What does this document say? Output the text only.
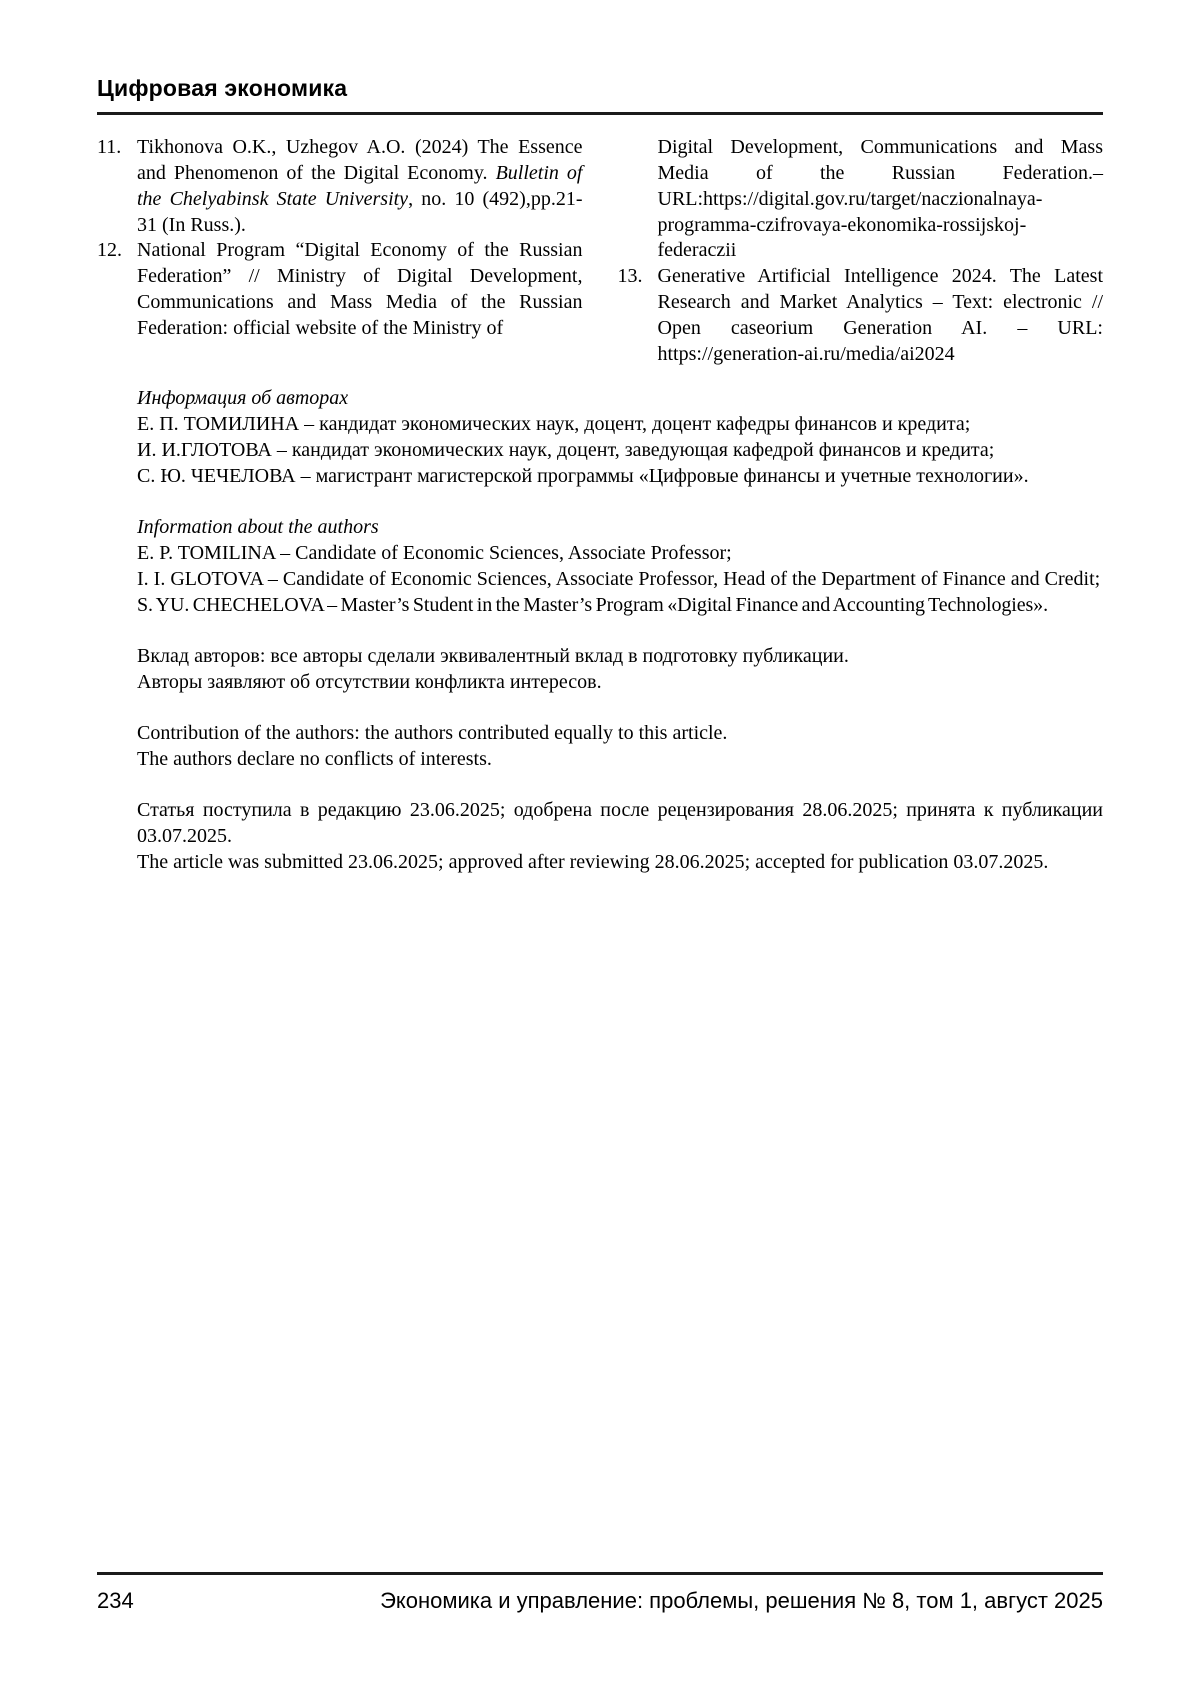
Цифровая экономика
11. Tikhonova O.K., Uzhegov A.O. (2024) The Essence and Phenomenon of the Digital Economy. Bulletin of the Chelyabinsk State University, no. 10 (492),pp.21-31 (In Russ.).
12. National Program “Digital Economy of the Russian Federation” // Ministry of Digital Development, Communications and Mass Media of the Russian Federation: official website of the Ministry of
Digital Development, Communications and Mass Media of the Russian Federation.– URL:https://digital.gov.ru/target/naczionalnaya-programma-czifrovaya-ekonomika-rossijskoj-federaczii
13. Generative Artificial Intelligence 2024. The Latest Research and Market Analytics – Text: electronic // Open caseorium Generation AI. – URL: https://generation-ai.ru/media/ai2024

Информация об авторах

Е. П. ТОМИЛИНА – кандидат экономических наук, доцент, доцент кафедры финансов и кредита;

И. И.ГЛОТОВА – кандидат экономических наук, доцент, заведующая кафедрой финансов и кредита;

С. Ю. ЧЕЧЕЛОВА – магистрант магистерской программы «Цифровые финансы и учетные технологии».

Information about the authors

E. P. TOMILINA – Candidate of Economic Sciences, Associate Professor;

I. I. GLOTOVA – Candidate of Economic Sciences, Associate Professor, Head of the Department of Finance and Credit;

S. YU. CHECHELOVA – Master’s Student in the Master’s Program «Digital Finance and Accounting Technologies».

Вклад авторов: все авторы сделали эквивалентный вклад в подготовку публикации.

Авторы заявляют об отсутствии конфликта интересов.

Contribution of the authors: the authors contributed equally to this article.

The authors declare no conflicts of interests.

Статья поступила в редакцию 23.06.2025; одобрена после рецензирования 28.06.2025; принята к публикации 03.07.2025.

The article was submitted 23.06.2025; approved after reviewing 28.06.2025; accepted for publication 03.07.2025.

234	Экономика и управление: проблемы, решения № 8, том 1, август 2025
